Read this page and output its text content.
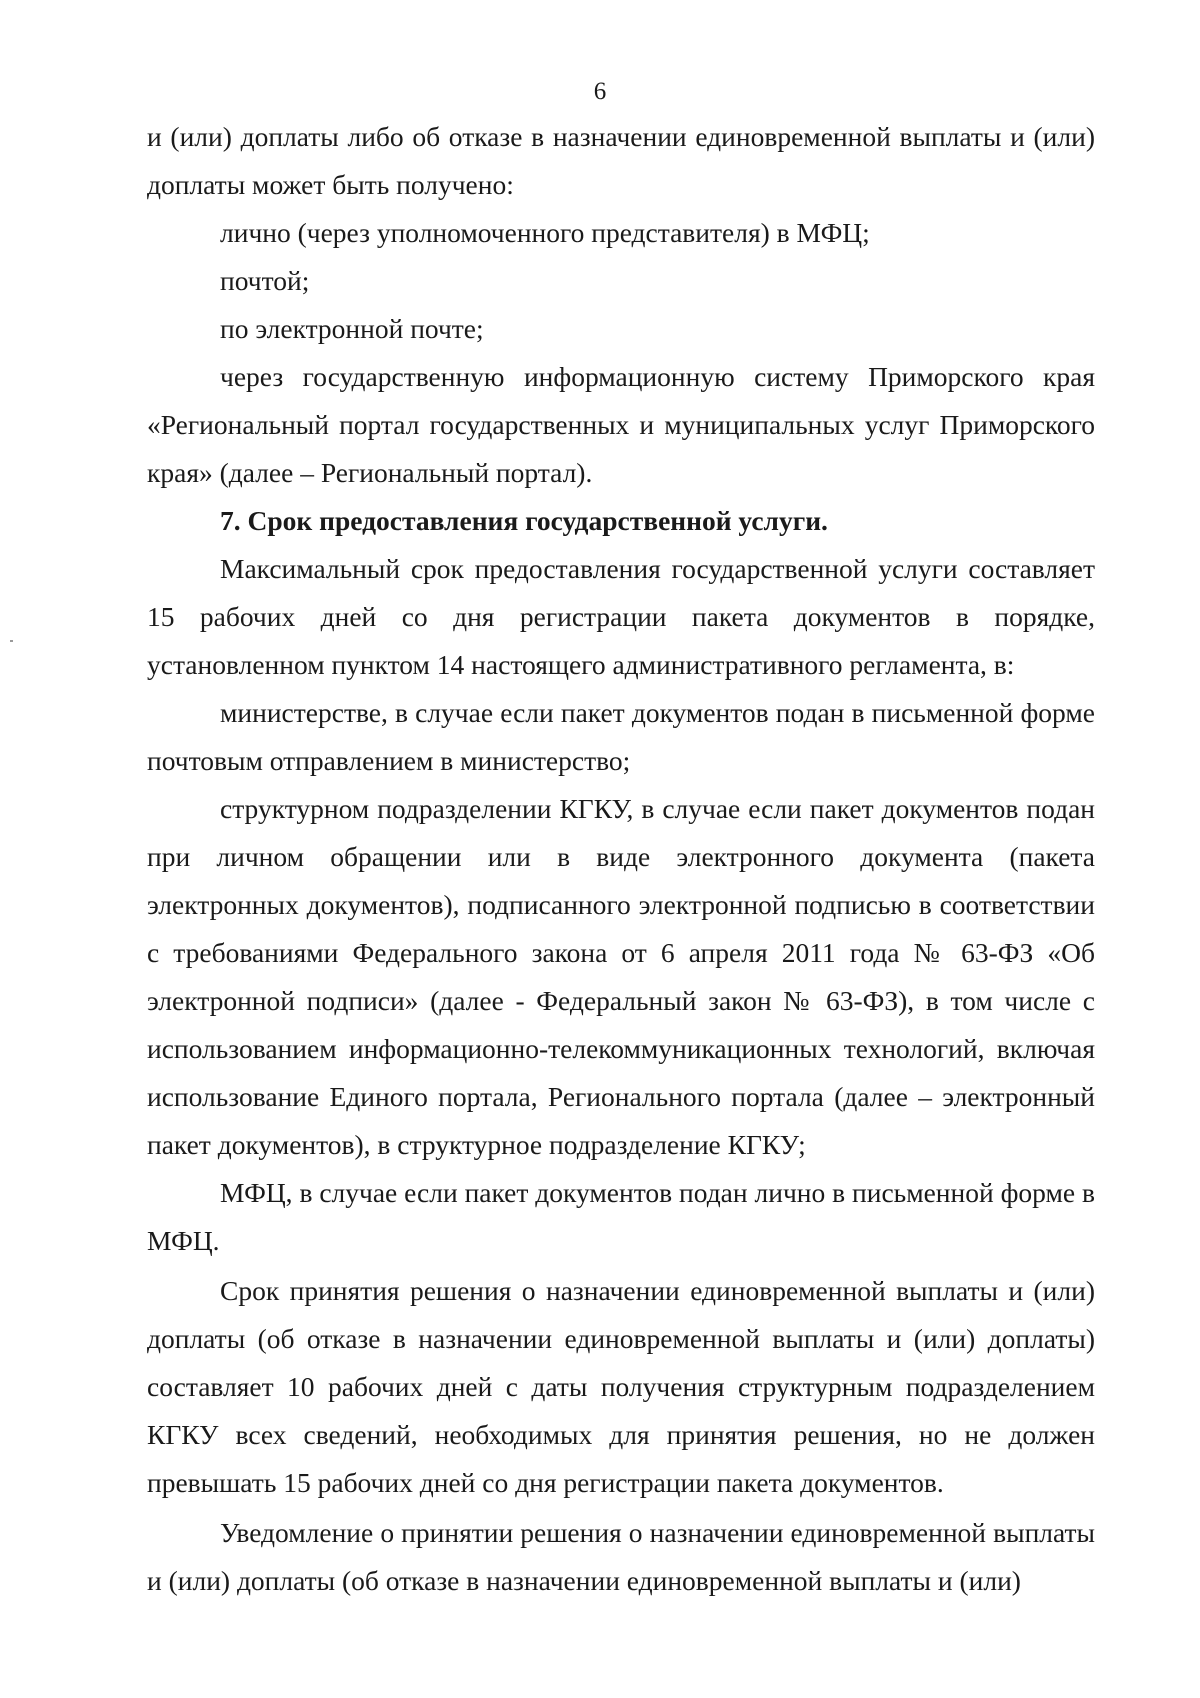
6

и (или) доплаты либо об отказе в назначении единовременной выплаты и (или) доплаты может быть получено:

лично (через уполномоченного представителя) в МФЦ;

почтой;

по электронной почте;

через государственную информационную систему Приморского края «Региональный портал государственных и муниципальных услуг Приморского края» (далее – Региональный портал).

7. Срок предоставления государственной услуги.

Максимальный срок предоставления государственной услуги составляет 15 рабочих дней со дня регистрации пакета документов в порядке, установленном пунктом 14 настоящего административного регламента, в:

министерстве, в случае если пакет документов подан в письменной форме почтовым отправлением в министерство;

структурном подразделении КГКУ, в случае если пакет документов подан при личном обращении или в виде электронного документа (пакета электронных документов), подписанного электронной подписью в соответствии с требованиями Федерального закона от 6 апреля 2011 года № 63-ФЗ «Об электронной подписи» (далее - Федеральный закон № 63-ФЗ), в том числе с использованием информационно-телекоммуникационных технологий, включая использование Единого портала, Регионального портала (далее – электронный пакет документов), в структурное подразделение КГКУ;

МФЦ, в случае если пакет документов подан лично в письменной форме в МФЦ.

Срок принятия решения о назначении единовременной выплаты и (или) доплаты (об отказе в назначении единовременной выплаты и (или) доплаты) составляет 10 рабочих дней с даты получения структурным подразделением КГКУ всех сведений, необходимых для принятия решения, но не должен превышать 15 рабочих дней со дня регистрации пакета документов.

Уведомление о принятии решения о назначении единовременной выплаты и (или) доплаты (об отказе в назначении единовременной выплаты и (или)
